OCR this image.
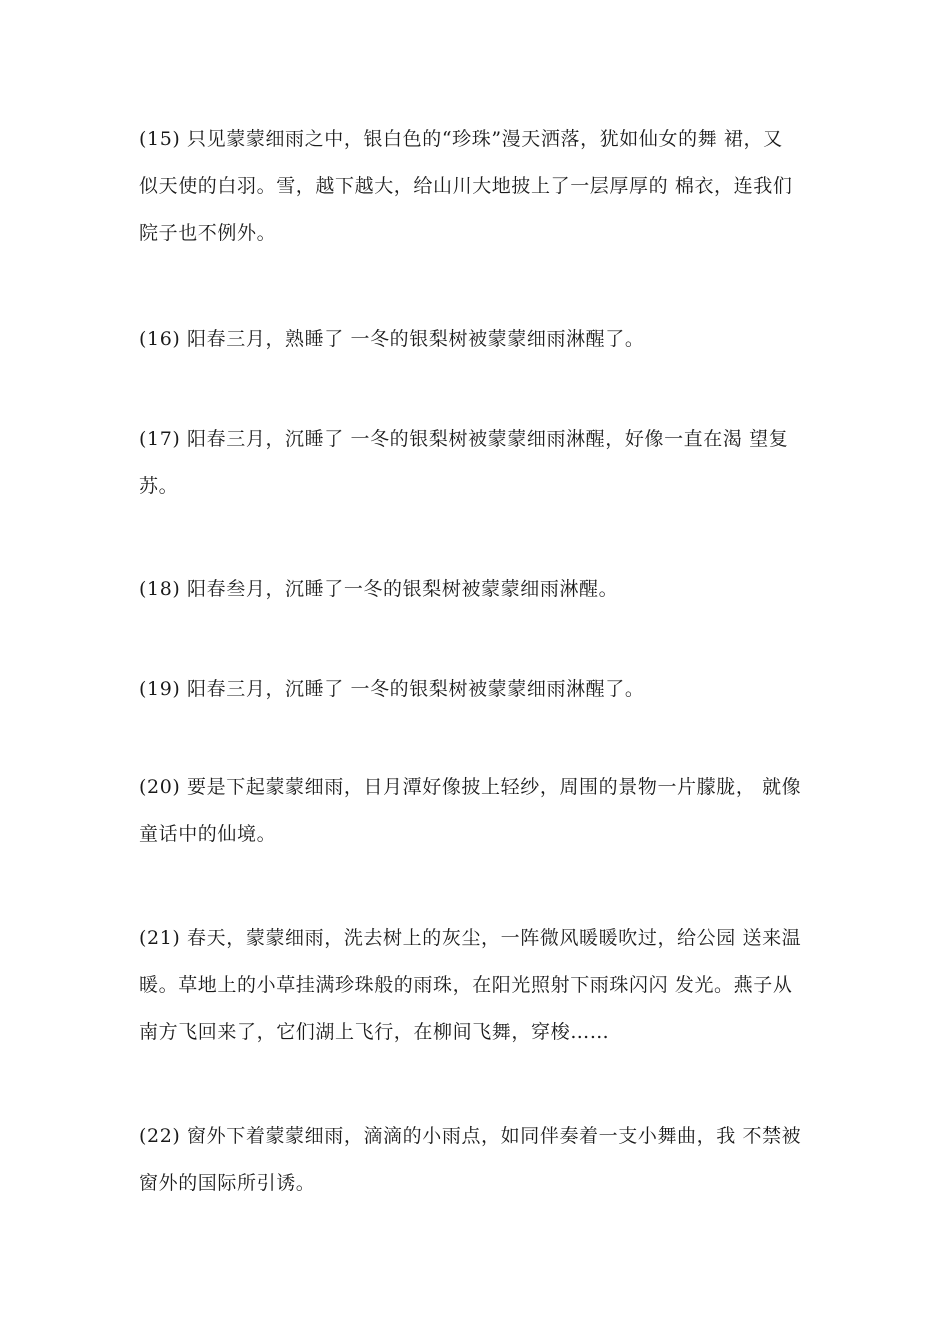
(15) 只见蒙蒙细雨之中，银白色的“珍珠”漫天洒落，犹如仙女的舞 裙，又
似天使的白羽。雪，越下越大，给山川大地披上了一层厚厚的 棉衣，连我们
院子也不例外。

(16) 阳春三月，熟睡了 一冬的银梨树被蒙蒙细雨淋醒了。

(17) 阳春三月，沉睡了 一冬的银梨树被蒙蒙细雨淋醒，好像一直在渴 望复
苏。

(18) 阳春叁月，沉睡了一冬的银梨树被蒙蒙细雨淋醒。

(19) 阳春三月，沉睡了 一冬的银梨树被蒙蒙细雨淋醒了。

(20) 要是下起蒙蒙细雨，日月潭好像披上轻纱，周围的景物一片朦胧， 就像
童话中的仙境。

(21) 春天，蒙蒙细雨，洗去树上的灰尘，一阵微风暖暖吹过，给公园 送来温
暖。草地上的小草挂满珍珠般的雨珠，在阳光照射下雨珠闪闪 发光。燕子从
南方飞回来了，它们湖上飞行，在柳间飞舞，穿梭……

(22) 窗外下着蒙蒙细雨，滴滴的小雨点，如同伴奏着一支小舞曲，我 不禁被
窗外的国际所引诱。
